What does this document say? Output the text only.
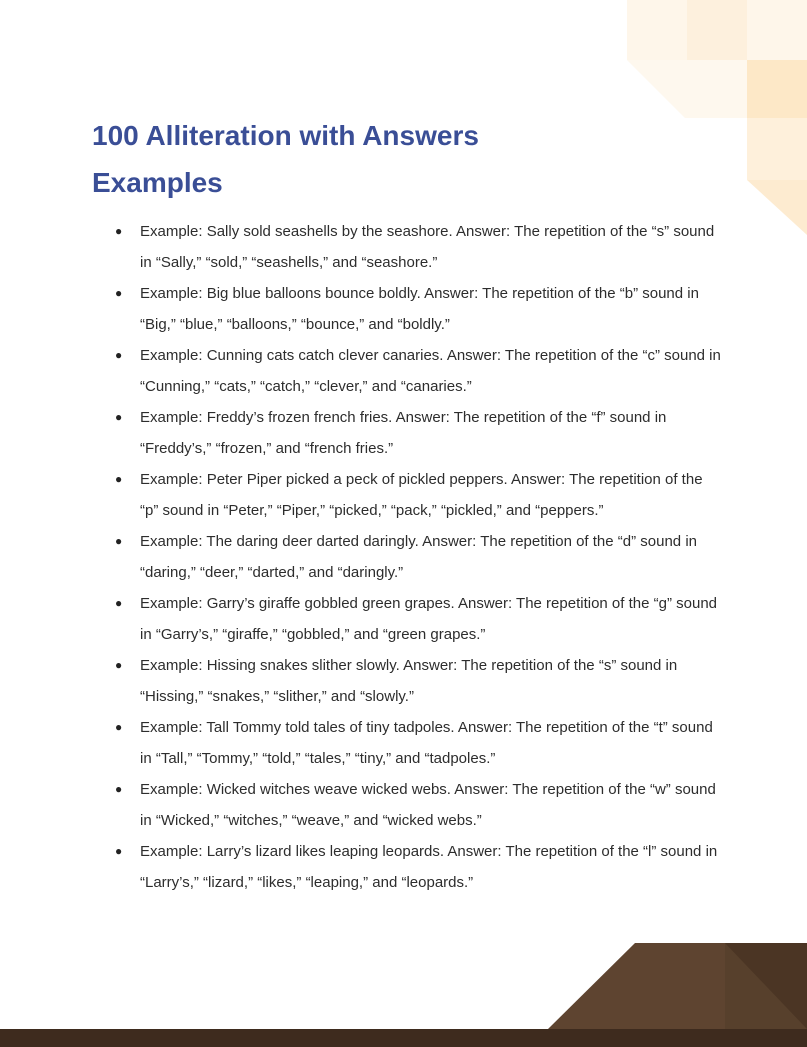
100 Alliteration with Answers Examples
● Example: Sally sold seashells by the seashore. Answer: The repetition of the “s” sound in “Sally,” “sold,” “seashells,” and “seashore.”
● Example: Big blue balloons bounce boldly. Answer: The repetition of the “b” sound in “Big,” “blue,” “balloons,” “bounce,” and “boldly.”
● Example: Cunning cats catch clever canaries. Answer: The repetition of the “c” sound in “Cunning,” “cats,” “catch,” “clever,” and “canaries.”
● Example: Freddy’s frozen french fries. Answer: The repetition of the “f” sound in “Freddy’s,” “frozen,” and “french fries.”
● Example: Peter Piper picked a peck of pickled peppers. Answer: The repetition of the “p” sound in “Peter,” “Piper,” “picked,” “pack,” “pickled,” and “peppers.”
● Example: The daring deer darted daringly. Answer: The repetition of the “d” sound in “daring,” “deer,” “darted,” and “daringly.”
● Example: Garry’s giraffe gobbled green grapes. Answer: The repetition of the “g” sound in “Garry’s,” “giraffe,” “gobbled,” and “green grapes.”
● Example: Hissing snakes slither slowly. Answer: The repetition of the “s” sound in “Hissing,” “snakes,” “slither,” and “slowly.”
● Example: Tall Tommy told tales of tiny tadpoles. Answer: The repetition of the “t” sound in “Tall,” “Tommy,” “told,” “tales,” “tiny,” and “tadpoles.”
● Example: Wicked witches weave wicked webs. Answer: The repetition of the “w” sound in “Wicked,” “witches,” “weave,” and “wicked webs.”
● Example: Larry’s lizard likes leaping leopards. Answer: The repetition of the “l” sound in “Larry’s,” “lizard,” “likes,” “leaping,” and “leopards.”
